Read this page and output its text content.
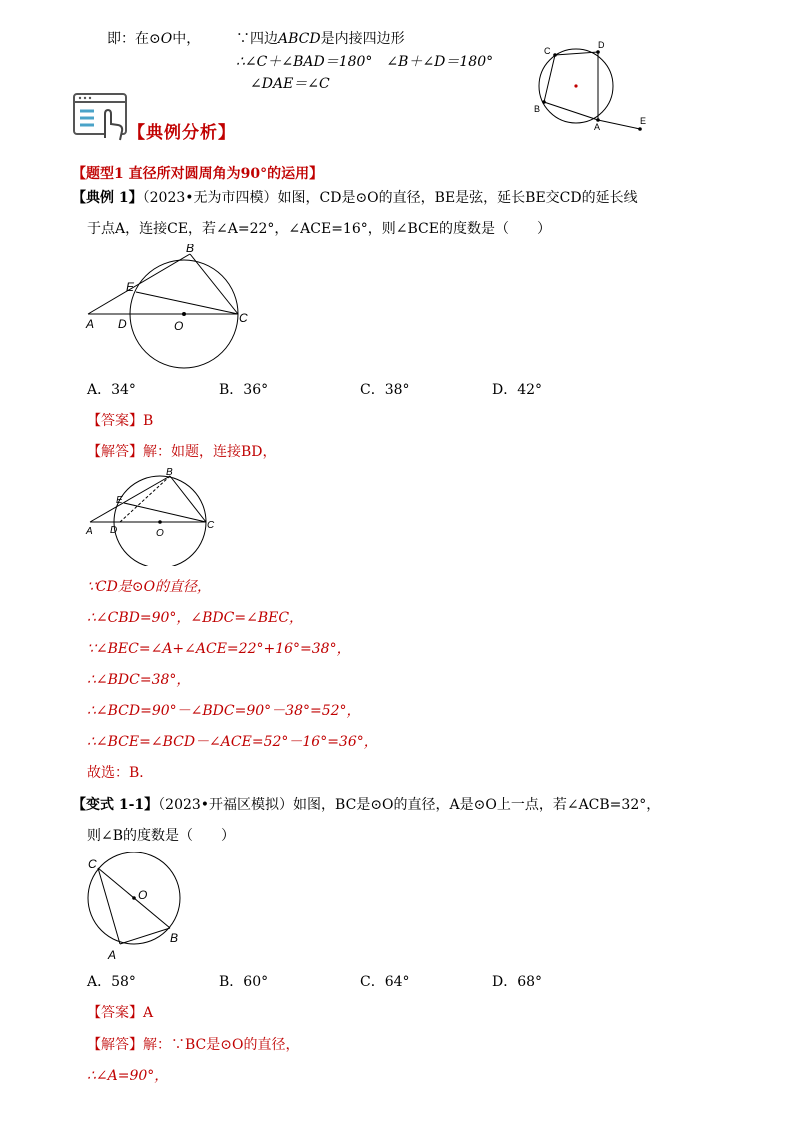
即：在⊙O中，	∵四边ABCD是内接四边形
∴∠C＋∠BAD＝180°　∠B＋∠D＝180°
∠DAE＝∠C
C
D
B
A
E
【典例分析】
【题型1 直径所对圆周角为90°的运用】
【典例 1】（2023•无为市四模）如图，CD是⊙O的直径，BE是弦，延长BE交CD的延长线
于点A，连接CE，若∠A=22°，∠ACE=16°，则∠BCE的度数是（　　）
B
E
A D	O
C
A．34°	B．36°	C．38°	D．42°
【答案】B
【解答】解：如题，连接BD，
B
E
A D	O
C
∵CD是⊙O的直径，
∴∠CBD=90°，∠BDC=∠BEC，
∵∠BEC=∠A+∠ACE=22°+16°=38°，
∴∠BDC=38°，
∴∠BCD=90°－∠BDC=90°－38°=52°，
∴∠BCE=∠BCD－∠ACE=52°－16°=36°，
故选：B．
【变式 1-1】（2023•开福区模拟）如图，BC是⊙O的直径，A是⊙O上一点，若∠ACB=32°，
则∠B的度数是（　　）
C
O
B
A
A．58°	B．60°	C．64°	D．68°
【答案】A
【解答】解：∵BC是⊙O的直径，
∴∠A=90°，
